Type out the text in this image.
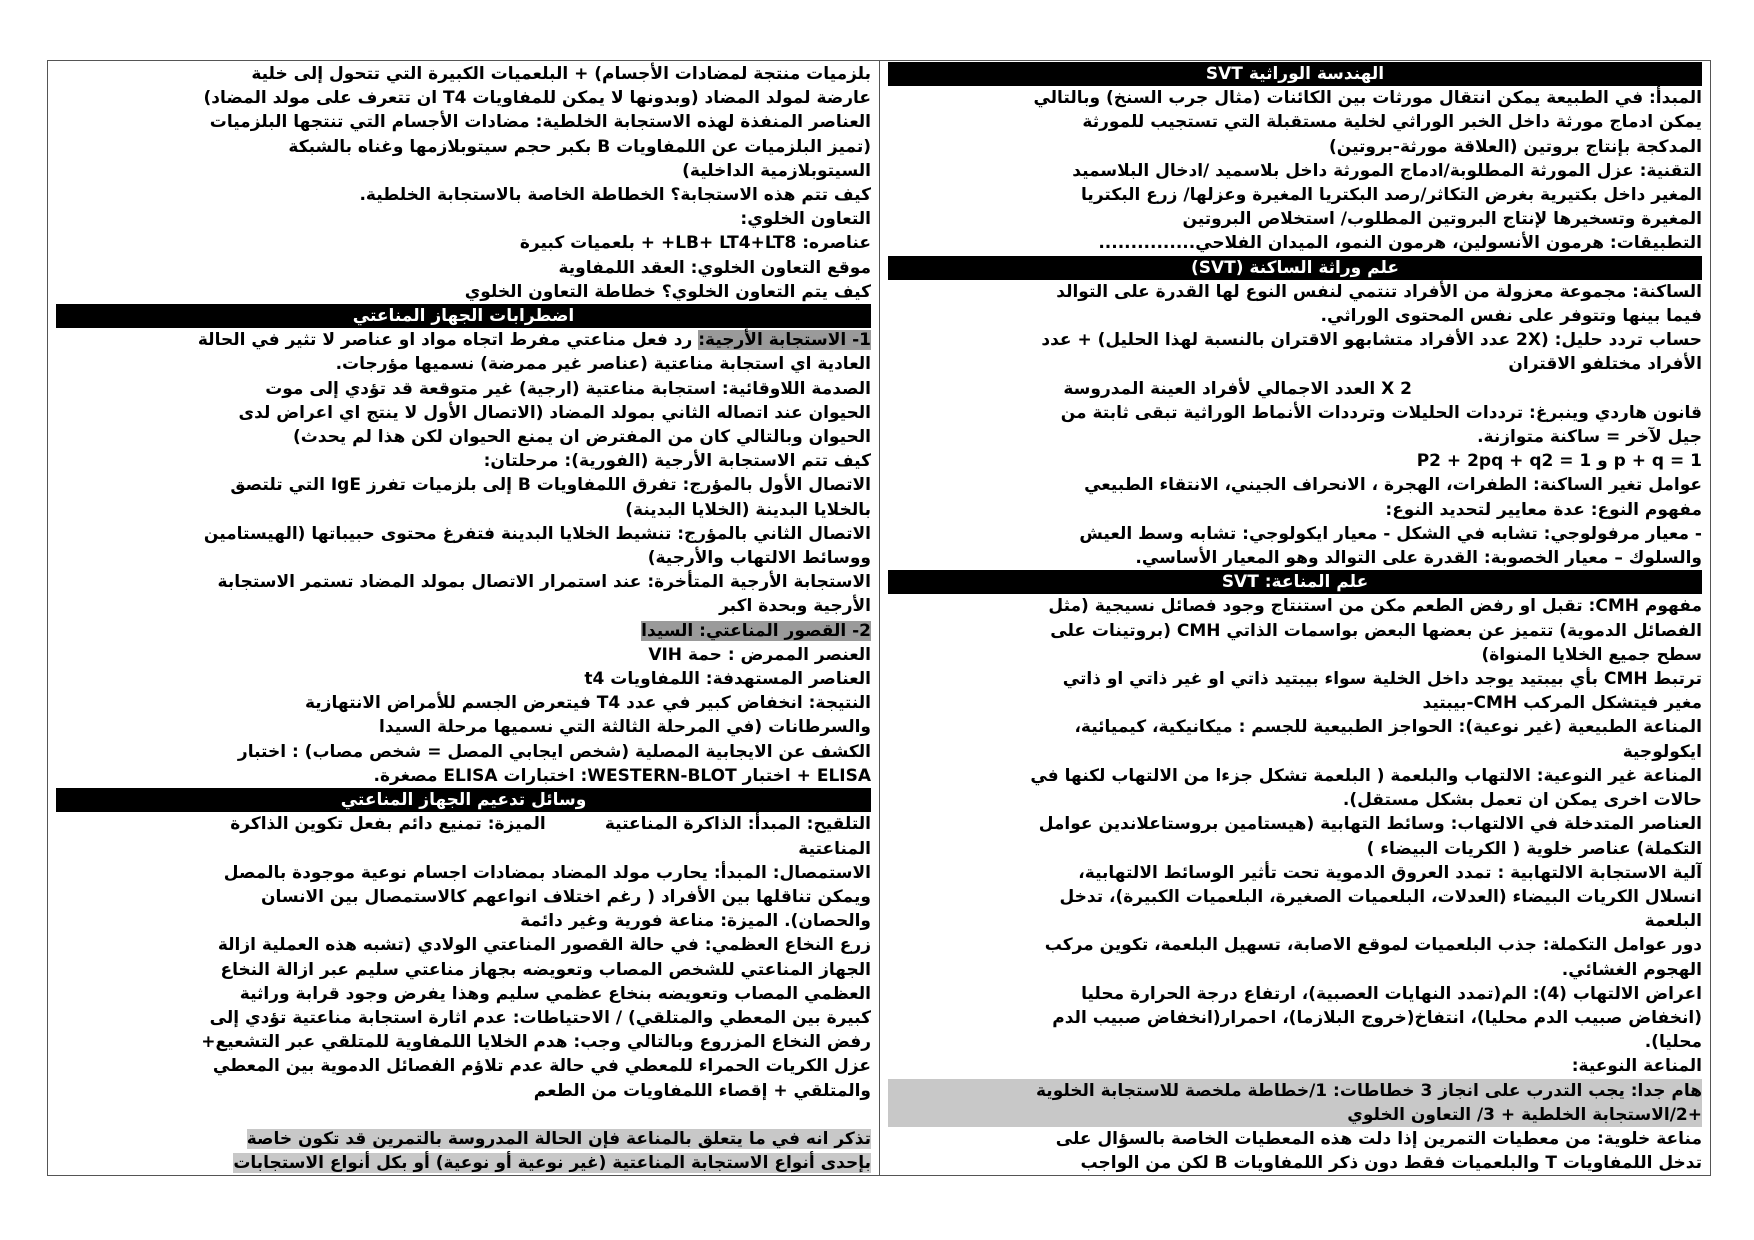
الهندسة الوراثية SVT
المبدأ: في الطبيعة يمكن انتقال مورثات بين الكائنات (مثال جرب السنخ) وبالتالي
يمكن ادماج مورثة داخل الخبر الوراثي لخلية مستقبلة التي تستجيب للمورثة
المدكجة بإنتاج بروتين (العلاقة مورثة-بروتين)
التقنية: عزل المورثة المطلوبة/ادماج المورثة داخل بلاسميد /ادخال البلاسميد
المغير داخل بكتيرية بغرض التكاثر/رصد البكتريا المغيرة وعزلها/ زرع البكتريا
المغيرة وتسخيرها لإنتاج البروتين المطلوب/ استخلاص البروتين
التطبيقات: هرمون الأنسولين، هرمون النمو، الميدان الفلاحي...............
علم وراثة الساكنة (SVT)
الساكنة: مجموعة معزولة من الأفراد تنتمي لنفس النوع لها القدرة على التوالد
فيما بينها وتتوفر على نفس المحتوى الوراثي.
حساب تردد حليل: (2X عدد الأفراد متشابهو الاقتران بالنسبة لهذا الحليل) + عدد
الأفراد مختلفو الاقتران
2 X العدد الاجمالي لأفراد العينة المدروسة
قانون هاردي وينبرغ: ترددات الحليلات وترددات الأنماط الوراثية تبقى ثابتة من
جيل لآخر = ساكنة متوازنة.
p + q = 1 و P2 + 2pq + q2 = 1
عوامل تغير الساكنة: الطفرات، الهجرة ، الانحراف الجيني، الانتقاء الطبيعي
مفهوم النوع: عدة معايير لتحديد النوع:
- معيار مرفولوجي: تشابه في الشكل - معيار ايكولوجي: تشابه وسط العيش
والسلوك – معيار الخصوبة: القدرة على التوالد وهو المعيار الأساسي.
علم المناعة: SVT
مفهوم CMH: تقبل او رفض الطعم مكن من استنتاج وجود فصائل نسيجية (مثل
الفصائل الدموية) تتميز عن بعضها البعض بواسمات الذاتي CMH (بروتينات على
سطح جميع الخلايا المنواة)
ترتبط CMH بأي بيبتيد يوجد داخل الخلية سواء بيبتيد ذاتي او غير ذاتي او ذاتي
مغير فيتشكل المركب CMH-بيبتيد
المناعة الطبيعية (غير نوعية): الحواجز الطبيعية للجسم : ميكانيكية، كيميائية،
ايكولوجية
المناعة غير النوعية: الالتهاب والبلعمة ( البلعمة تشكل جزءا من الالتهاب لكنها في
حالات اخرى يمكن ان تعمل بشكل مستقل).
العناصر المتدخلة في الالتهاب: وسائط التهابية (هيستامين بروستاعلاندين عوامل
التكملة) عناصر خلوية ( الكريات البيضاء )
آلية الاستجابة الالتهابية : تمدد العروق الدموية تحت تأثير الوسائط الالتهابية،
انسلال الكريات البيضاء (العدلات، البلعميات الصغيرة، البلعميات الكبيرة)، تدخل
البلعمة
دور عوامل التكملة: جذب البلعميات لموقع الاصابة، تسهيل البلعمة، تكوين مركب
الهجوم الغشائي.
اعراض الالتهاب (4): الم(تمدد النهايات العصبية)، ارتفاع درجة الحرارة محليا
(انخفاض صبيب الدم محليا)، انتفاخ(خروج البلازما)، احمرار(انخفاض صبيب الدم
محليا).
المناعة النوعية:
هام جدا: يجب التدرب على انجاز 3 خطاطات: 1/خطاطة ملخصة للاستجابة الخلوية
+2/الاستجابة الخلطية + 3/ التعاون الخلوي
مناعة خلوية: من معطيات التمرين إذا دلت هذه المعطيات الخاصة بالسؤال على
تدخل اللمفاويات T والبلعميات فقط دون ذكر اللمفاويات B لكن من الواجب
بلزميات منتجة لمضادات الأجسام) + البلعميات الكبيرة التي تتحول إلى خلية
عارضة لمولد المضاد (وبدونها لا يمكن للمفاويات T4 ان تتعرف على مولد المضاد)
العناصر المنفذة لهذه الاستجابة الخلطية: مضادات الأجسام التي تنتجها البلزميات
(تميز البلزميات عن اللمفاويات B بكبر حجم سيتوبلازمها وغناه بالشبكة
السيتوبلازمية الداخلية)
كيف تتم هذه الاستجابة؟ الخطاطة الخاصة بالاستجابة الخلطية.
التعاون الخلوي:
عناصره: LB+ LT4+LT8+ + بلعميات كبيرة
موقع التعاون الخلوي: العقد اللمفاوية
كيف يتم التعاون الخلوي؟ خطاطة التعاون الخلوي
اضطرابات الجهاز المناعتي
1- الاستجابة الأرجية: رد فعل مناعتي مفرط اتجاه مواد او عناصر لا تثير في الحالة
العادية اي استجابة مناعتية (عناصر غير ممرضة) نسميها مؤرجات.
الصدمة اللاوقائية: استجابة مناعتية (ارجية) غير متوقعة قد تؤدي إلى موت
الحيوان عند اتصاله الثاني بمولد المضاد (الاتصال الأول لا ينتج اي اعراض لدى
الحيوان وبالتالي كان من المفترض ان يمنع الحيوان لكن هذا لم يحدث)
كيف تتم الاستجابة الأرجية (الفورية): مرحلتان:
الاتصال الأول بالمؤرج: تفرق اللمفاويات B إلى بلزميات تفرز IgE التي تلتصق
بالخلايا البدينة (الخلايا البدينة)
الاتصال الثاني بالمؤرج: تنشيط الخلايا البدينة فتفرغ محتوى حبيباتها (الهيستامين
ووسائط الالتهاب والأرجية)
الاستجابة الأرجية المتأخرة: عند استمرار الاتصال بمولد المضاد تستمر الاستجابة
الأرجية وبحدة اكبر
2- القصور المناعتي: السيدا
العنصر الممرض : حمة VIH
العناصر المستهدفة: اللمفاويات t4
النتيجة: انخفاض كبير في عدد T4 فيتعرض الجسم للأمراض الانتهازية
والسرطانات (في المرحلة الثالثة التي نسميها مرحلة السيدا
الكشف عن الايجابية المصلية (شخص ايجابي المصل = شخص مصاب) : اختبار
ELISA + اختبار WESTERN-BLOT: اختبارات ELISA مصغرة.
وسائل تدعيم الجهاز المناعتي
التلقيح: المبدأ: الذاكرة المناعتية          الميزة: تمنيع دائم بفعل تكوين الذاكرة
المناعتية
الاستمصال: المبدأ: يحارب مولد المضاد بمضادات اجسام نوعية موجودة بالمصل
ويمكن تناقلها بين الأفراد ( رغم اختلاف انواعهم كالاستمصال بين الانسان
والحصان). الميزة: مناعة فورية وغير دائمة
زرع النخاع العظمي: في حالة القصور المناعتي الولادي (تشبه هذه العملية ازالة
الجهاز المناعتي للشخص المصاب وتعويضه بجهاز مناعتي سليم عبر ازالة النخاع
العظمي المصاب وتعويضه بنخاع عظمي سليم وهذا يفرض وجود قرابة وراثية
كبيرة بين المعطي والمتلقي) / الاحتياطات: عدم اثارة استجابة مناعتية تؤدي إلى
رفض النخاع المزروع وبالتالي وجب: هدم الخلايا اللمفاوية للمتلقي عبر التشعيع+
عزل الكريات الحمراء للمعطي في حالة عدم تلاؤم الفصائل الدموية بين المعطي
والمتلقي + إقصاء اللمفاويات من الطعم

تذكر انه في ما يتعلق بالمناعة فإن الحالة المدروسة بالتمرين قد تكون خاصة
بإحدى أنواع الاستجابة المناعتية (غير نوعية أو نوعية) أو بكل أنواع الاستجابات
